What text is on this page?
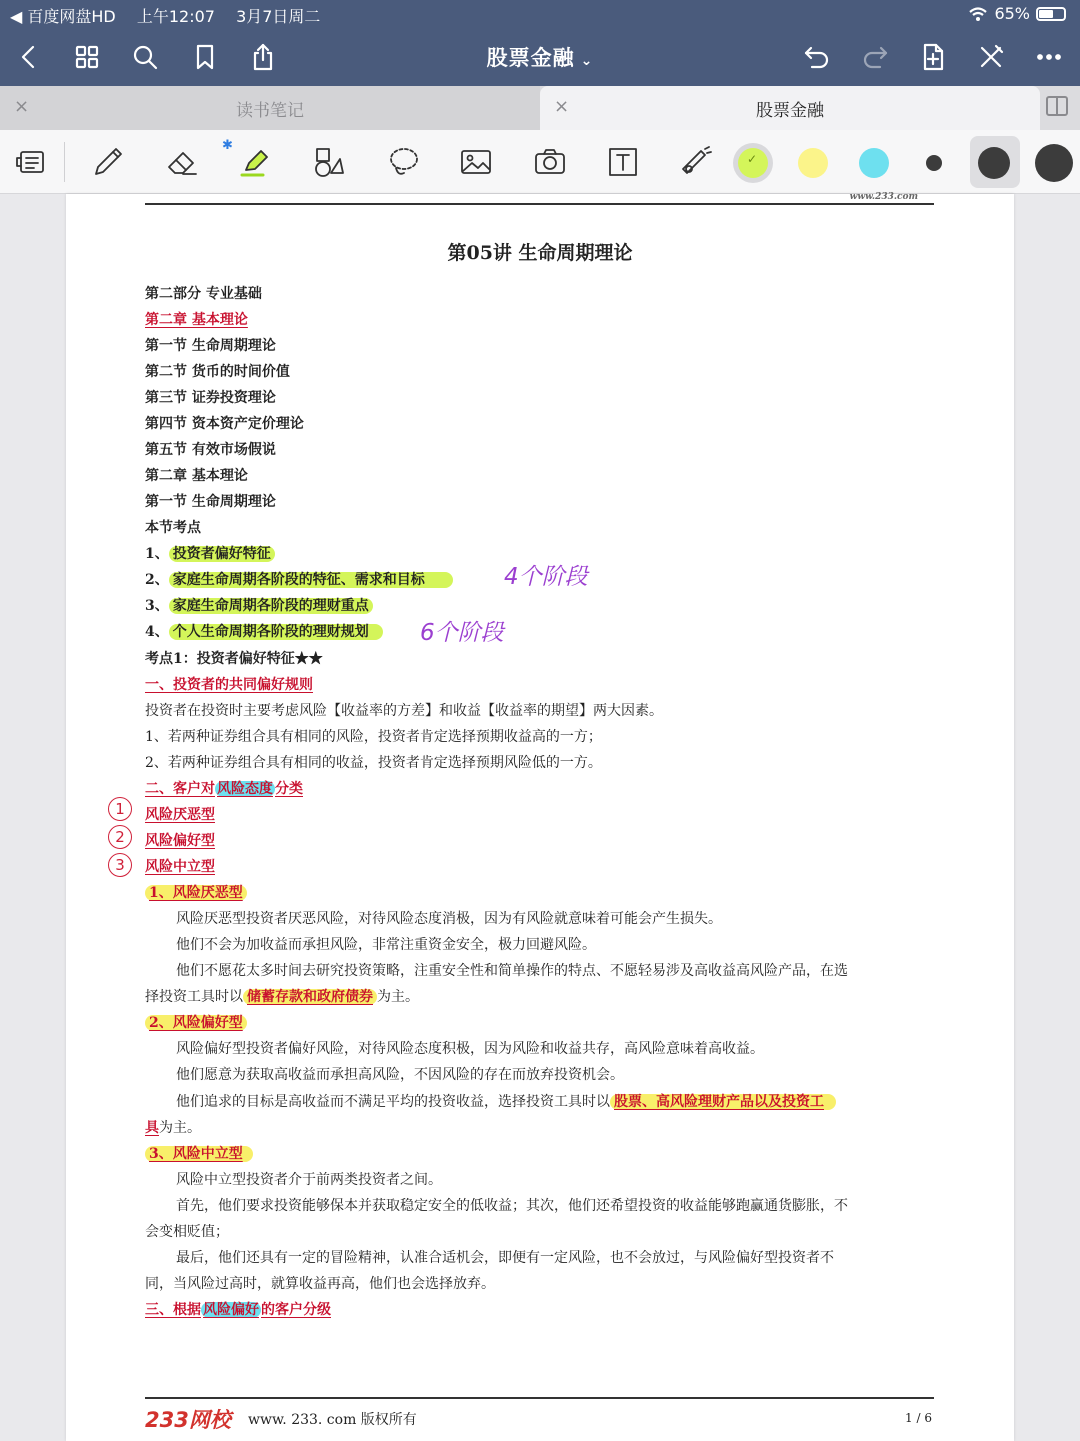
◀ 百度网盘HD 上午12:07 3月7日周二	65%
股票金融 ⌄
×	读书笔记	×	股票金融
✱
✓
www.233.com
第05讲 生命周期理论
第二部分 专业基础
第二章 基本理论
第一节 生命周期理论
第二节 货币的时间价值
第三节 证券投资理论
第四节 资本资产定价理论
第五节 有效市场假说
第二章 基本理论
第一节 生命周期理论
本节考点
1、 投资者偏好特征
2、 家庭生命周期各阶段的特征、需求和目标
3、 家庭生命周期各阶段的理财重点
4、 个人生命周期各阶段的理财规划
4个阶段
6个阶段
考点1：投资者偏好特征★★
一、投资者的共同偏好规则
投资者在投资时主要考虑风险【收益率的方差】和收益【收益率的期望】两大因素。
1、若两种证券组合具有相同的风险，投资者肯定选择预期收益高的一方；
2、若两种证券组合具有相同的收益，投资者肯定选择预期风险低的一方。
二、客户对 风险态度 分类
1
2
3
风险厌恶型
风险偏好型
风险中立型
1、风险厌恶型
风险厌恶型投资者厌恶风险，对待风险态度消极，因为有风险就意味着可能会产生损失。
他们不会为加收益而承担风险，非常注重资金安全，极力回避风险。
他们不愿花太多时间去研究投资策略，注重安全性和简单操作的特点、不愿轻易涉及高收益高风险产品，在选
择投资工具时以 储蓄存款和政府债券 为主。
2、风险偏好型
风险偏好型投资者偏好风险，对待风险态度积极，因为风险和收益共存，高风险意味着高收益。
他们愿意为获取高收益而承担高风险，不因风险的存在而放弃投资机会。
他们追求的目标是高收益而不满足平均的投资收益，选择投资工具时以 股票、高风险理财产品以及投资工
具为主。
3、风险中立型
风险中立型投资者介于前两类投资者之间。
首先，他们要求投资能够保本并获取稳定安全的低收益；其次，他们还希望投资的收益能够跑赢通货膨胀，不
会变相贬值；
最后，他们还具有一定的冒险精神，认准合适机会，即便有一定风险，也不会放过，与风险偏好型投资者不
同，当风险过高时，就算收益再高，他们也会选择放弃。
三、根据 风险偏好 的客户分级
233网校 www. 233. com 版权所有	1 / 6
